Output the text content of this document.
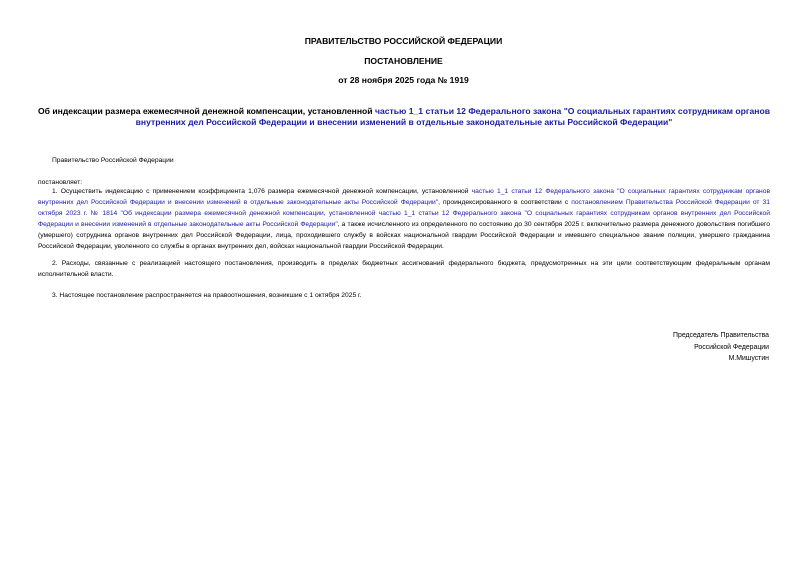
ПРАВИТЕЛЬСТВО РОССИЙСКОЙ ФЕДЕРАЦИИ
ПОСТАНОВЛЕНИЕ
от 28 ноября 2025 года № 1919
Об индексации размера ежемесячной денежной компенсации, установленной частью 1_1 статьи 12 Федерального закона "О социальных гарантиях сотрудникам органов внутренних дел Российской Федерации и внесении изменений в отдельные законодательные акты Российской Федерации"
Правительство Российской Федерации
постановляет:
1. Осуществить индексацию с применением коэффициента 1,076 размера ежемесячной денежной компенсации, установленной частью 1_1 статьи 12 Федерального закона "О социальных гарантиях сотрудникам органов внутренних дел Российской Федерации и внесении изменений в отдельные законодательные акты Российской Федерации", проиндексированного в соответствии с постановлением Правительства Российской Федерации от 31 октября 2023 г. № 1814 "Об индексации размера ежемесячной денежной компенсации, установленной частью 1_1 статьи 12 Федерального закона "О социальных гарантиях сотрудникам органов внутренних дел Российской Федерации и внесении изменений в отдельные законодательные акты Российской Федерации", а также исчисленного из определенного по состоянию до 30 сентября 2025 г. включительно размера денежного довольствия погибшего (умершего) сотрудника органов внутренних дел Российской Федерации, лица, проходившего службу в войсках национальной гвардии Российской Федерации и имевшего специальное звание полиции, умершего гражданина Российской Федерации, уволенного со службы в органах внутренних дел, войсках национальной гвардии Российской Федерации.
2. Расходы, связанные с реализацией настоящего постановления, производить в пределах бюджетных ассигнований федерального бюджета, предусмотренных на эти цели соответствующим федеральным органам исполнительной власти.
3. Настоящее постановление распространяется на правоотношения, возникшие с 1 октября 2025 г.
Председатель Правительства
Российской Федерации
М.Мишустин
